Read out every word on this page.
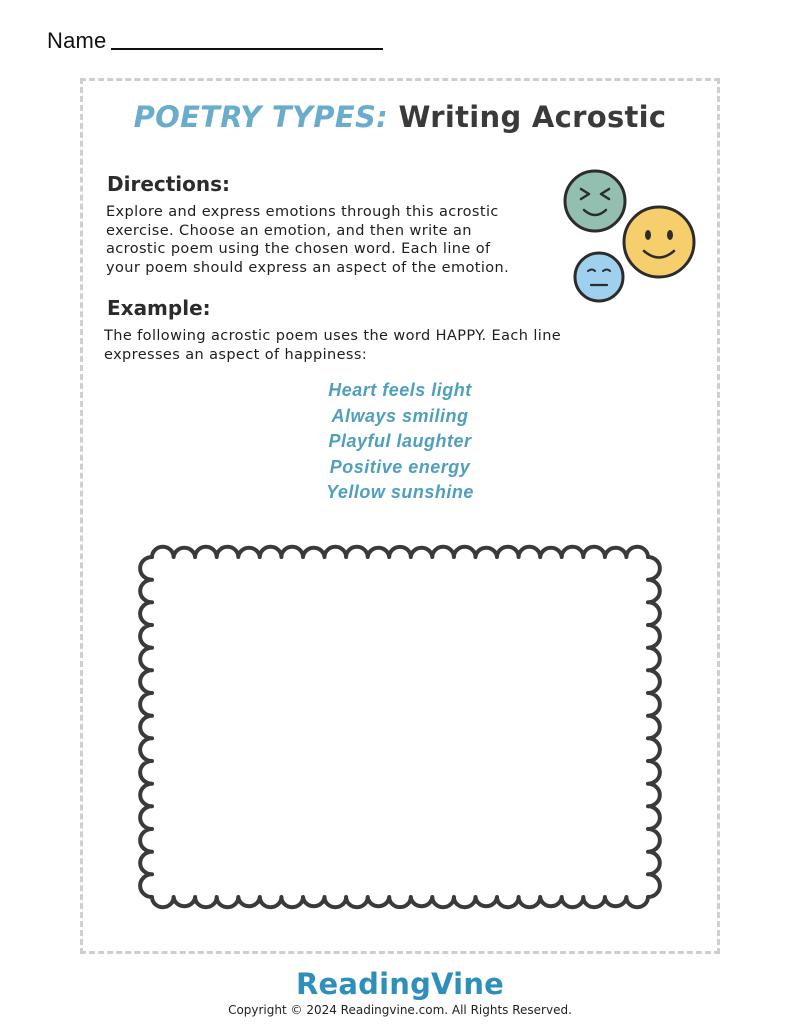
Name
POETRY TYPES: Writing Acrostic
Directions:
Explore and express emotions through this acrostic
exercise. Choose an emotion, and then write an
acrostic poem using the chosen word. Each line of
your poem should express an aspect of the emotion.
Example:
The following acrostic poem uses the word HAPPY. Each line
expresses an aspect of happiness:
Heart feels light
Always smiling
Playful laughter
Positive energy
Yellow sunshine
ReadingVine
Copyright © 2024 Readingvine.com. All Rights Reserved.
